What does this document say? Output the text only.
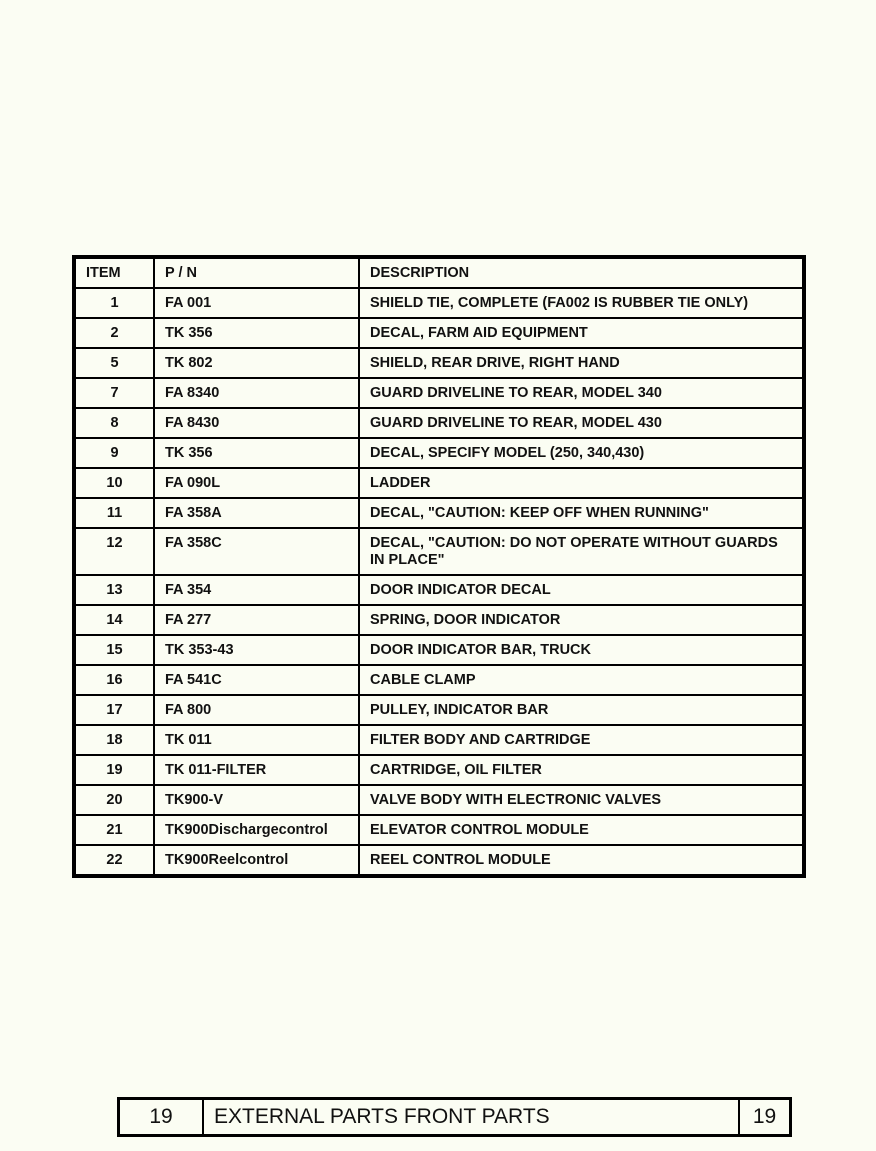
ITEM	P / N	DESCRIPTION
1	FA 001	SHIELD TIE, COMPLETE (FA002 IS RUBBER TIE ONLY)
2	TK 356	DECAL, FARM AID EQUIPMENT
5	TK 802	SHIELD, REAR DRIVE, RIGHT HAND
7	FA 8340	GUARD DRIVELINE TO REAR, MODEL 340
8	FA 8430	GUARD DRIVELINE TO REAR, MODEL 430
9	TK 356	DECAL, SPECIFY MODEL (250, 340,430)
10	FA 090L	LADDER
11	FA 358A	DECAL, "CAUTION: KEEP OFF WHEN RUNNING"
12	FA 358C	DECAL, "CAUTION: DO NOT OPERATE WITHOUT GUARDS IN PLACE"
13	FA 354	DOOR INDICATOR DECAL
14	FA 277	SPRING, DOOR INDICATOR
15	TK 353-43	DOOR INDICATOR BAR, TRUCK
16	FA 541C	CABLE CLAMP
17	FA 800	PULLEY, INDICATOR BAR
18	TK 011	FILTER BODY AND CARTRIDGE
19	TK 011-FILTER	CARTRIDGE, OIL FILTER
20	TK900-V	VALVE BODY WITH ELECTRONIC VALVES
21	TK900Dischargecontrol	ELEVATOR CONTROL MODULE
22	TK900Reelcontrol	REEL CONTROL MODULE
19	EXTERNAL PARTS FRONT PARTS	19
